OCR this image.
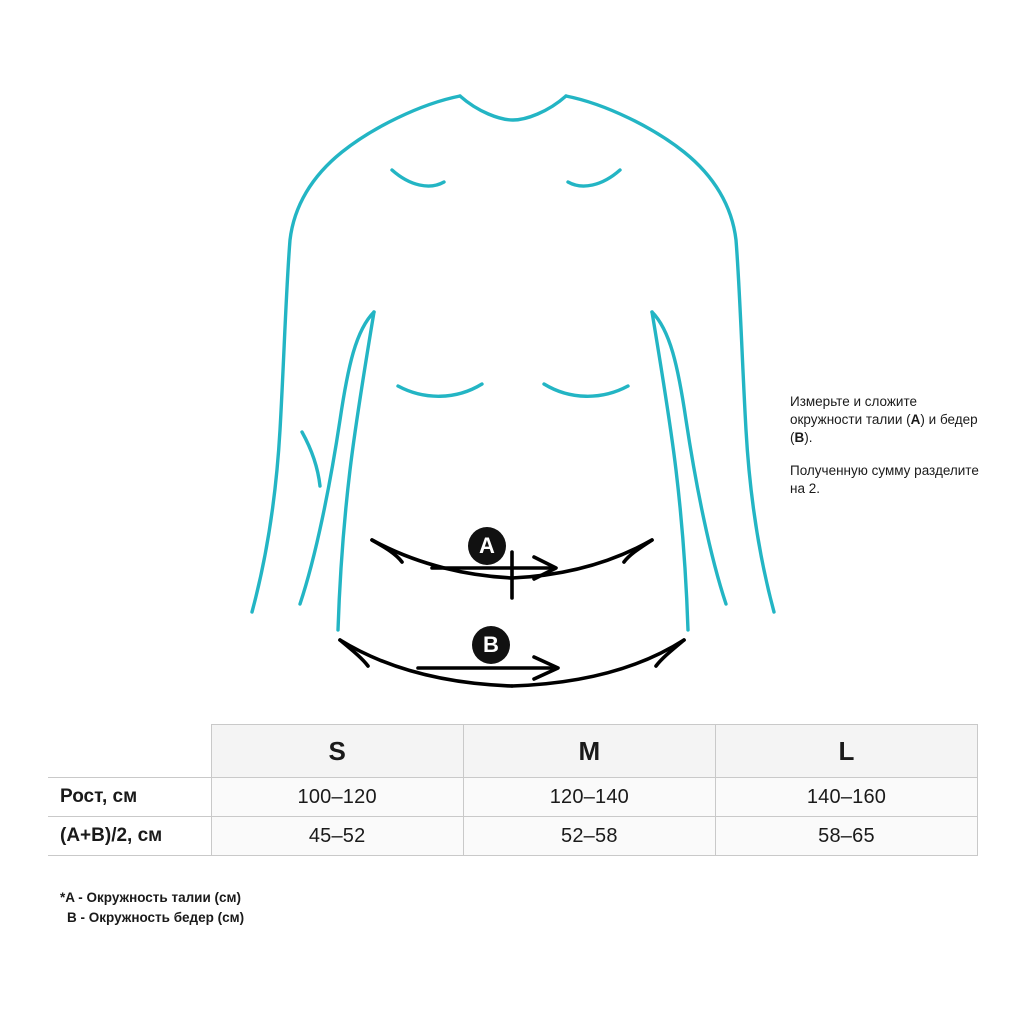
A
B

Измерьте и сложите окружности талии (A) и бедер (B).

Полученную сумму разделите на 2.

	S	M	L
Рост, см	100–120	120–140	140–160
(A+B)/2, см	45–52	52–58	58–65
*A - Окружность талии (см)
B - Окружность бедер (см)
